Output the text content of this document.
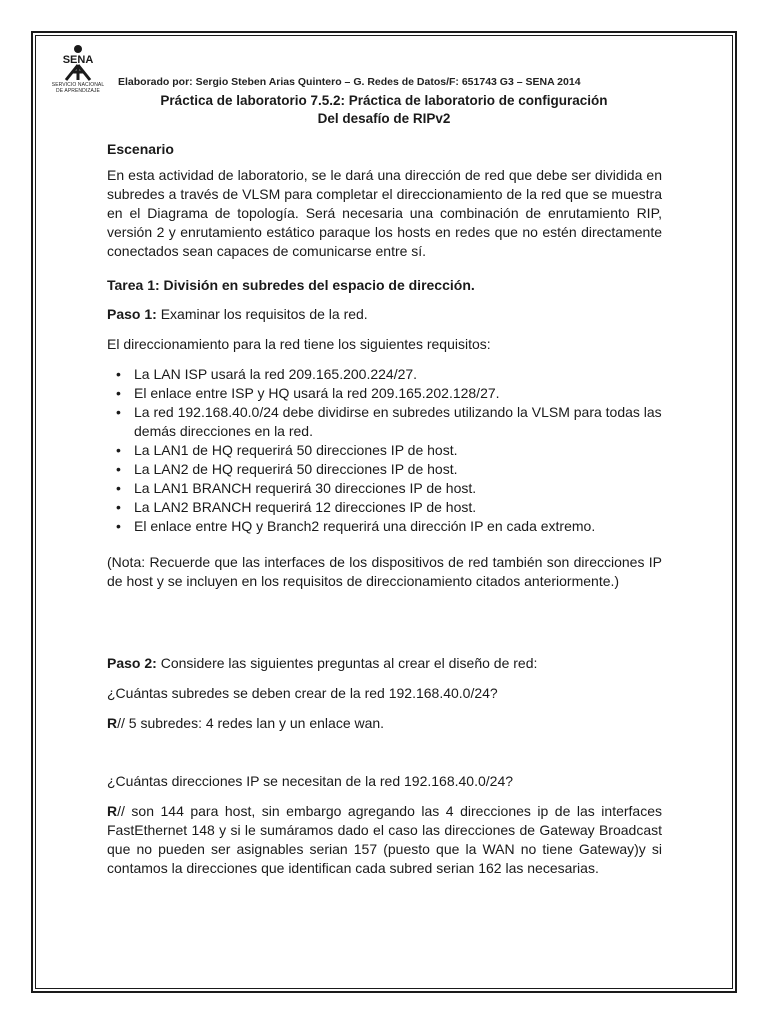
SENA
SERVICIO NACIONAL
DE APRENDIZAJE
Elaborado por: Sergio Steben Arias Quintero – G. Redes de Datos/F: 651743 G3 – SENA 2014
Práctica de laboratorio 7.5.2: Práctica de laboratorio de configuración
Del desafío de RIPv2

Escenario

En esta actividad de laboratorio, se le dará una dirección de red que debe ser dividida en subredes a través de VLSM para completar el direccionamiento de la red que se muestra en el Diagrama de topología. Será necesaria una combinación de enrutamiento RIP, versión 2 y enrutamiento estático paraque los hosts en redes que no estén directamente conectados sean capaces de comunicarse entre sí.

Tarea 1: División en subredes del espacio de dirección.

Paso 1: Examinar los requisitos de la red.

El direccionamiento para la red tiene los siguientes requisitos:

• La LAN ISP usará la red 209.165.200.224/27.
• El enlace entre ISP y HQ usará la red 209.165.202.128/27.
• La red 192.168.40.0/24 debe dividirse en subredes utilizando la VLSM para todas las demás direcciones en la red.
• La LAN1 de HQ requerirá 50 direcciones IP de host.
• La LAN2 de HQ requerirá 50 direcciones IP de host.
• La LAN1 BRANCH requerirá 30 direcciones IP de host.
• La LAN2 BRANCH requerirá 12 direcciones IP de host.
• El enlace entre HQ y Branch2 requerirá una dirección IP en cada extremo.

(Nota: Recuerde que las interfaces de los dispositivos de red también son direcciones IP de host y se incluyen en los requisitos de direccionamiento citados anteriormente.)

Paso 2: Considere las siguientes preguntas al crear el diseño de red:

¿Cuántas subredes se deben crear de la red 192.168.40.0/24?

R// 5 subredes: 4 redes lan y un enlace wan.

¿Cuántas direcciones IP se necesitan de la red 192.168.40.0/24?

R// son 144 para host, sin embargo agregando las 4 direcciones ip de las interfaces FastEthernet 148 y si le sumáramos dado el caso las direcciones de Gateway Broadcast que no pueden ser asignables serian 157 (puesto que la WAN no tiene Gateway)y si contamos la direcciones que identifican cada subred serian 162 las necesarias.
